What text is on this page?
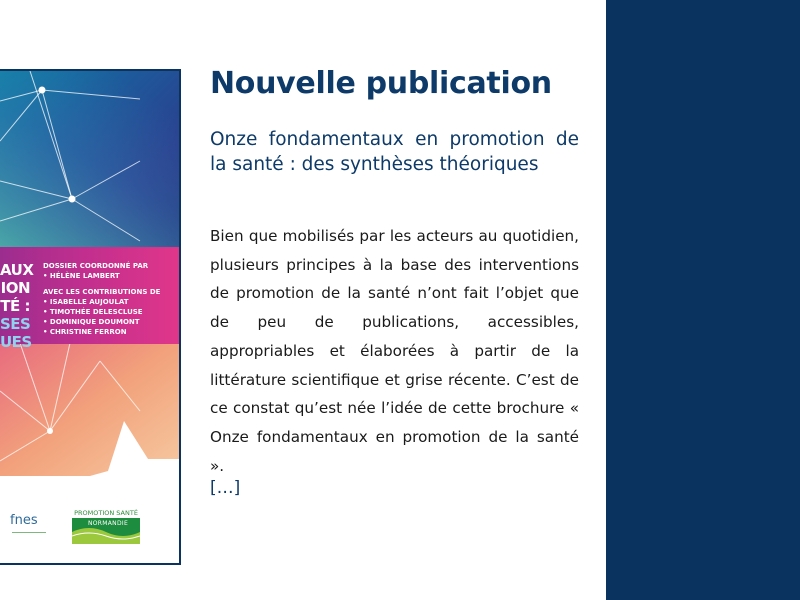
AUX
ION
TÉ :
SES
UES
DOSSIER COORDONNÉ PAR
• HÉLÈNE LAMBERT
AVEC LES CONTRIBUTIONS DE
• ISABELLE AUJOULAT
• TIMOTHÉE DELESCLUSE
• DOMINIQUE DOUMONT
• CHRISTINE FERRON
fnes	PROMOTION SANTÉ
NORMANDIE
Nouvelle publication
Onze fondamentaux en promotion de la santé : des synthèses théoriques

Bien que mobilisés par les acteurs au quotidien, plusieurs principes à la base des interventions de promotion de la santé n’ont fait l’objet que de peu de publications, accessibles, appropriables et élaborées à partir de la littérature scientifique et grise récente. C’est de ce constat qu’est née l’idée de cette brochure « Onze fondamentaux en promotion de la santé ».

[…]
